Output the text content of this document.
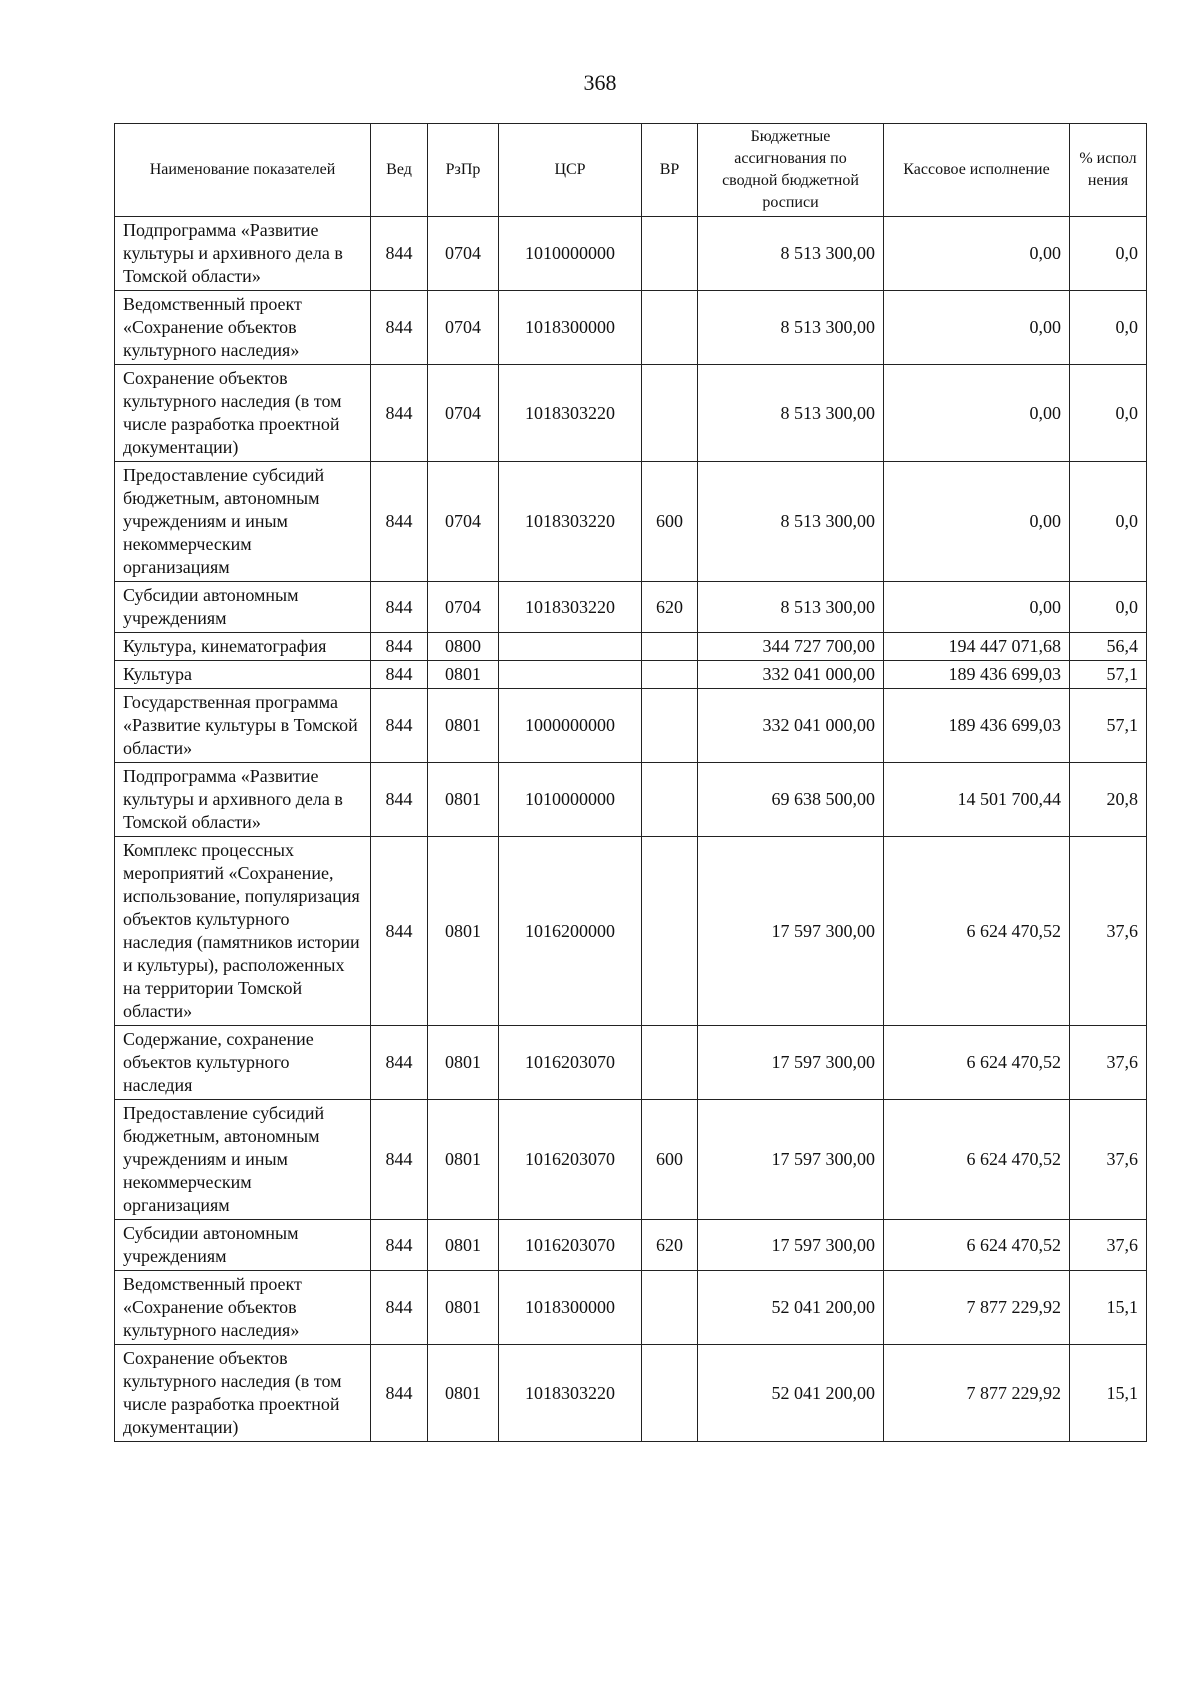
368
Наименование показателей	Вед	РзПр	ЦСР	ВР	Бюджетные ассигнования по сводной бюджетной росписи	Кассовое исполнение	% испол нения
Подпрограмма «Развитие культуры и архивного дела в Томской области»	844	0704	1010000000		8 513 300,00	0,00	0,0
Ведомственный проект «Сохранение объектов культурного наследия»	844	0704	1018300000		8 513 300,00	0,00	0,0
Сохранение объектов культурного наследия (в том числе разработка проектной документации)	844	0704	1018303220		8 513 300,00	0,00	0,0
Предоставление субсидий бюджетным, автономным учреждениям и иным некоммерческим организациям	844	0704	1018303220	600	8 513 300,00	0,00	0,0
Субсидии автономным учреждениям	844	0704	1018303220	620	8 513 300,00	0,00	0,0
Культура, кинематография	844	0800			344 727 700,00	194 447 071,68	56,4
Культура	844	0801			332 041 000,00	189 436 699,03	57,1
Государственная программа «Развитие культуры в Томской области»	844	0801	1000000000		332 041 000,00	189 436 699,03	57,1
Подпрограмма «Развитие культуры и архивного дела в Томской области»	844	0801	1010000000		69 638 500,00	14 501 700,44	20,8
Комплекс процессных мероприятий «Сохранение, использование, популяризация объектов культурного наследия (памятников истории и культуры), расположенных на территории Томской области»	844	0801	1016200000		17 597 300,00	6 624 470,52	37,6
Содержание, сохранение объектов культурного наследия	844	0801	1016203070		17 597 300,00	6 624 470,52	37,6
Предоставление субсидий бюджетным, автономным учреждениям и иным некоммерческим организациям	844	0801	1016203070	600	17 597 300,00	6 624 470,52	37,6
Субсидии автономным учреждениям	844	0801	1016203070	620	17 597 300,00	6 624 470,52	37,6
Ведомственный проект «Сохранение объектов культурного наследия»	844	0801	1018300000		52 041 200,00	7 877 229,92	15,1
Сохранение объектов культурного наследия (в том числе разработка проектной документации)	844	0801	1018303220		52 041 200,00	7 877 229,92	15,1
